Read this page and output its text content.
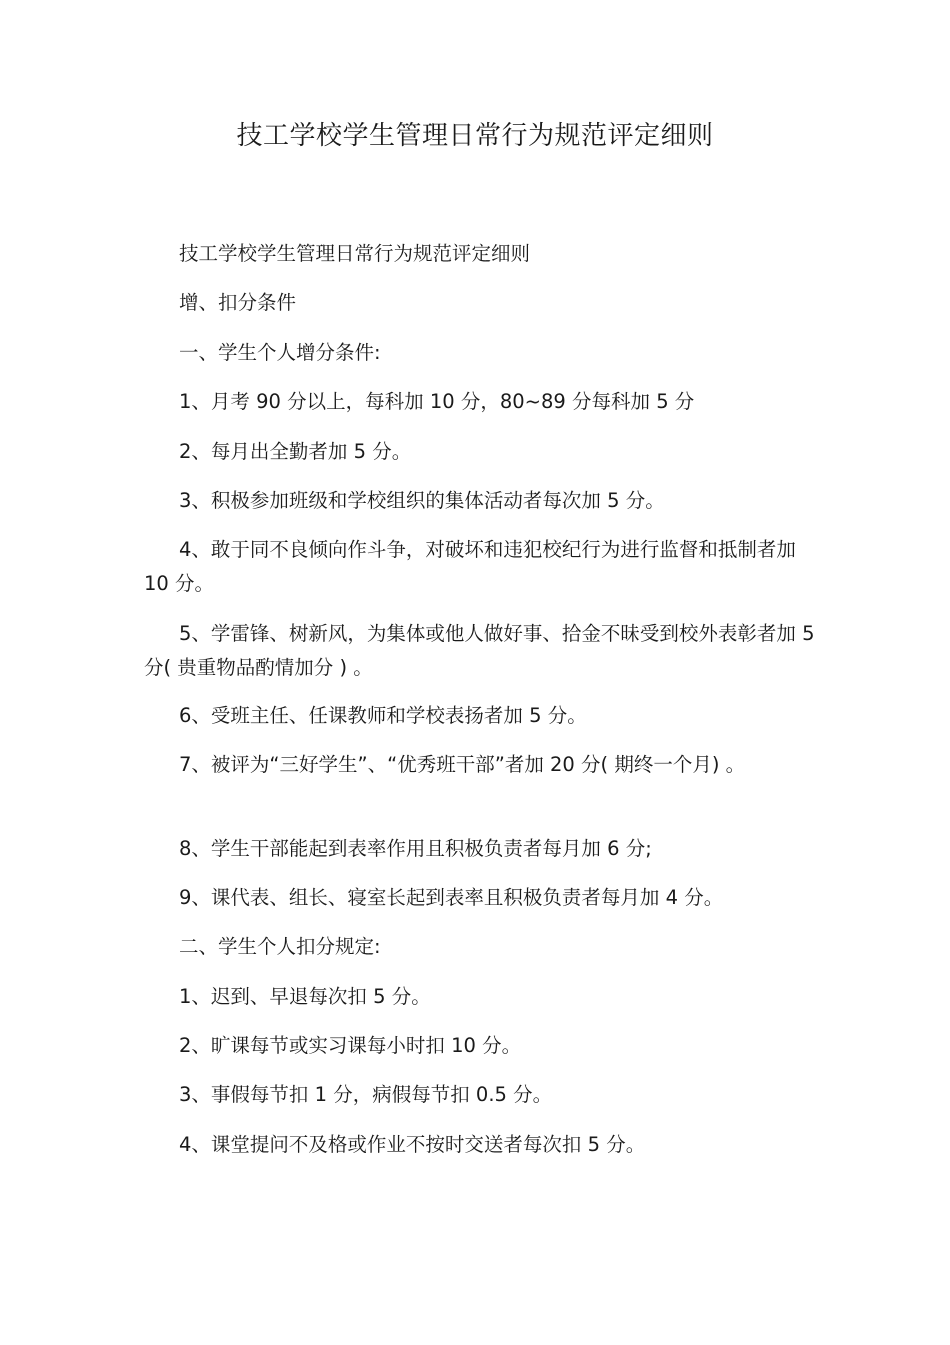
技工学校学生管理日常行为规范评定细则
技工学校学生管理日常行为规范评定细则
增、扣分条件
一、学生个人增分条件:
1、月考 90 分以上，每科加 10 分，80~89 分每科加 5 分
2、每月出全勤者加 5 分。
3、积极参加班级和学校组织的集体活动者每次加 5 分。
4、敢于同不良倾向作斗争，对破坏和违犯校纪行为进行监督和抵制者加 10 分。
5、学雷锋、树新风，为集体或他人做好事、拾金不昧受到校外表彰者加 5 分( 贵重物品酌情加分 ) 。
6、受班主任、任课教师和学校表扬者加 5 分。
7、被评为“三好学生”、“优秀班干部”者加 20 分( 期终一个月) 。
8、学生干部能起到表率作用且积极负责者每月加 6 分;
9、课代表、组长、寝室长起到表率且积极负责者每月加 4 分。
二、学生个人扣分规定:
1、迟到、早退每次扣 5 分。
2、旷课每节或实习课每小时扣 10 分。
3、事假每节扣 1 分，病假每节扣 0.5 分。
4、课堂提问不及格或作业不按时交送者每次扣 5 分。
